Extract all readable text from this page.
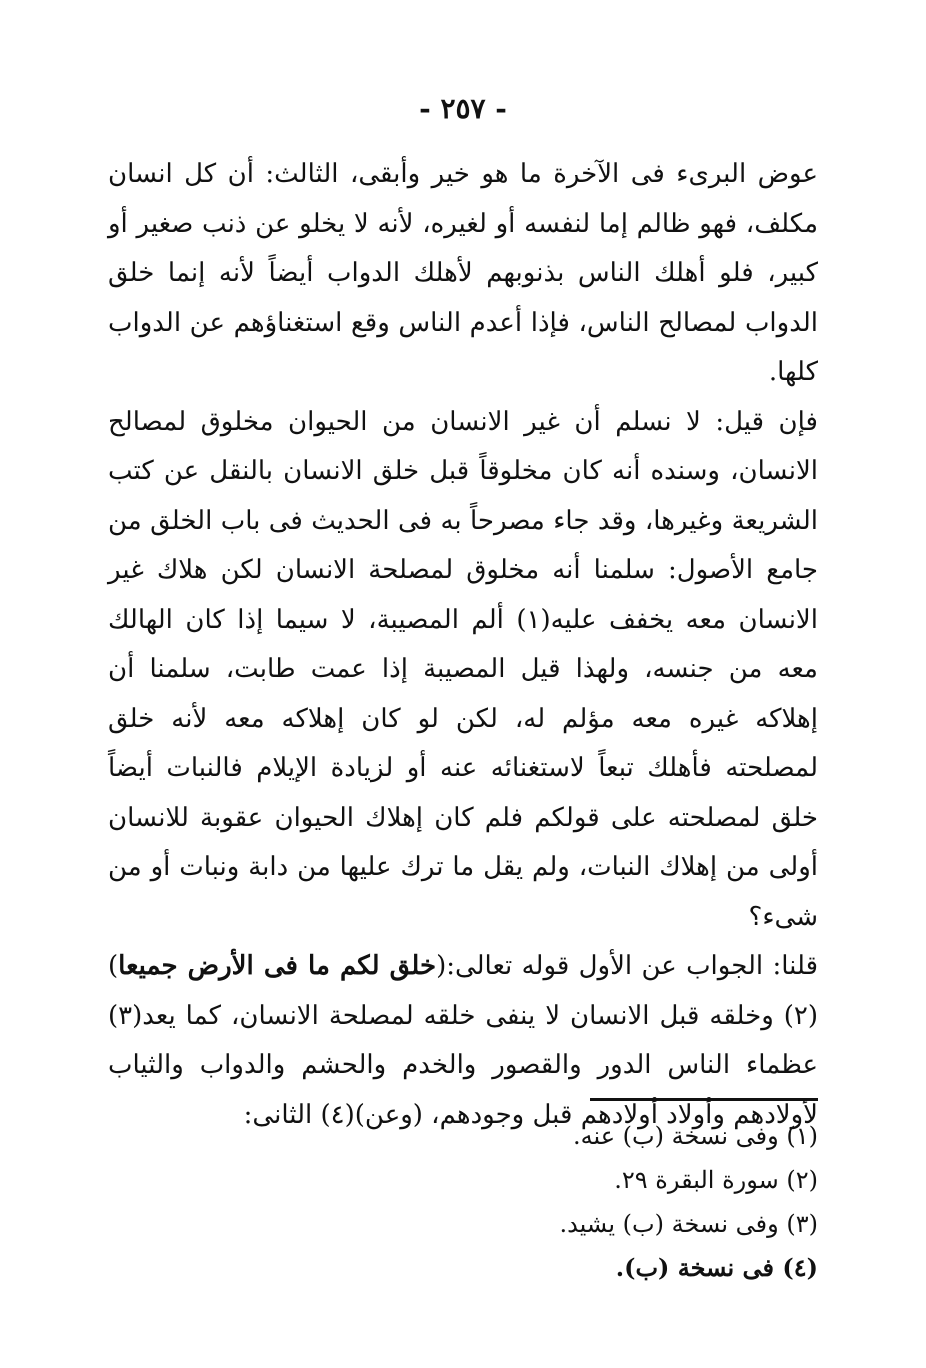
- ٢٥٧ -

عوض البرىء فى الآخرة ما هو خير وأبقى، الثالث: أن كل انسان مكلف، فهو ظالم إما لنفسه أو لغيره، لأنه لا يخلو عن ذنب صغير أو كبير، فلو أهلك الناس بذنوبهم لأهلك الدواب أيضاً لأنه إنما خلق الدواب لمصالح الناس، فإذا أعدم الناس وقع استغناؤهم عن الدواب كلها.

فإن قيل: لا نسلم أن غير الانسان من الحيوان مخلوق لمصالح الانسان، وسنده أنه كان مخلوقاً قبل خلق الانسان بالنقل عن كتب الشريعة وغيرها، وقد جاء مصرحاً به فى الحديث فى باب الخلق من جامع الأصول: سلمنا أنه مخلوق لمصلحة الانسان لكن هلاك غير الانسان معه يخفف عليه(١) ألم المصيبة، لا سيما إذا كان الهالك معه من جنسه، ولهذا قيل المصيبة إذا عمت طابت، سلمنا أن إهلاكه غيره معه مؤلم له، لكن لو كان إهلاكه معه لأنه خلق لمصلحته فأهلك تبعاً لاستغنائه عنه أو لزيادة الإيلام فالنبات أيضاً خلق لمصلحته على قولكم فلم كان إهلاك الحيوان عقوبة للانسان أولى من إهلاك النبات، ولم يقل ما ترك عليها من دابة ونبات أو من شىء؟

قلنا: الجواب عن الأول قوله تعالى:(خلق لكم ما فى الأرض جميعا)(٢) وخلقه قبل الانسان لا ينفى خلقه لمصلحة الانسان، كما يعد(٣) عظماء الناس الدور والقصور والخدم والحشم والدواب والثياب لأولادهم وأولاد أولادهم قبل وجودهم، (وعن)(٤) الثانى:

(١) وفى نسخة (ب) عنه.
(٢) سورة البقرة ٢٩.
(٣) وفى نسخة (ب) يشيد.
(٤) فى نسخة (ب).
